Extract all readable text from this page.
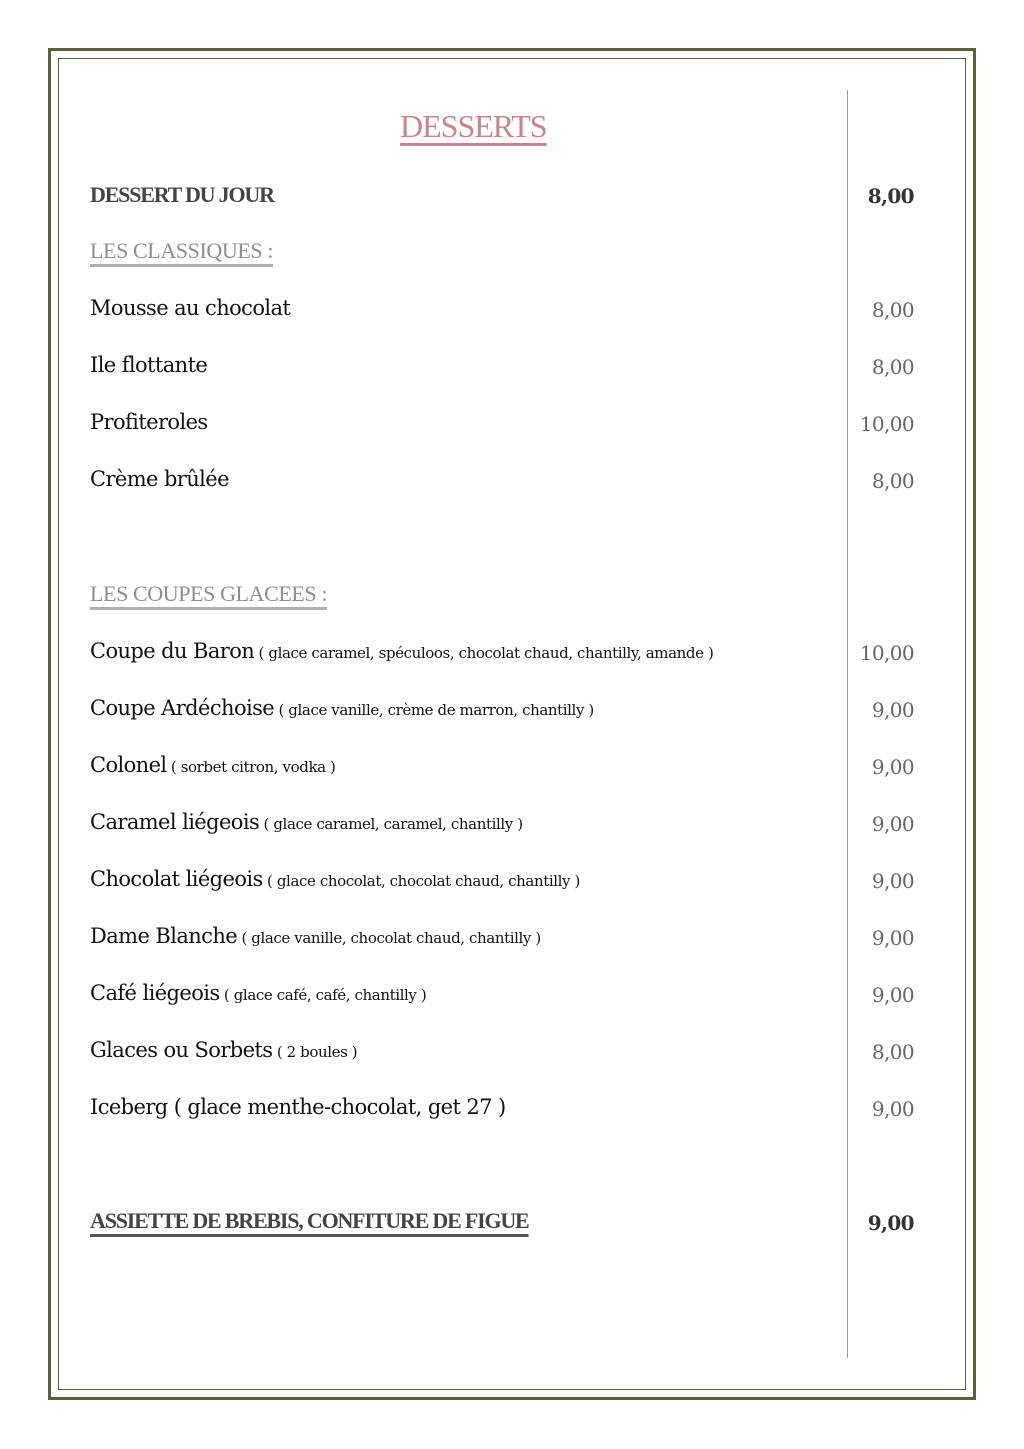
DESSERTS
DESSERT DU JOUR	8,00
LES CLASSIQUES :
Mousse au chocolat	8,00
Ile flottante	8,00
Profiteroles	10,00
Crème brûlée	8,00
LES COUPES GLACEES :
Coupe du Baron ( glace caramel, spéculoos, chocolat chaud, chantilly, amande )	10,00
Coupe Ardéchoise ( glace vanille, crème de marron, chantilly )	9,00
Colonel ( sorbet citron, vodka )	9,00
Caramel liégeois ( glace caramel, caramel, chantilly )	9,00
Chocolat liégeois ( glace chocolat, chocolat chaud, chantilly )	9,00
Dame Blanche ( glace vanille, chocolat chaud, chantilly )	9,00
Café liégeois ( glace café, café, chantilly )	9,00
Glaces ou Sorbets ( 2 boules )	8,00
Iceberg ( glace menthe-chocolat, get 27 )	9,00
ASSIETTE DE BREBIS, CONFITURE DE FIGUE	9,00
